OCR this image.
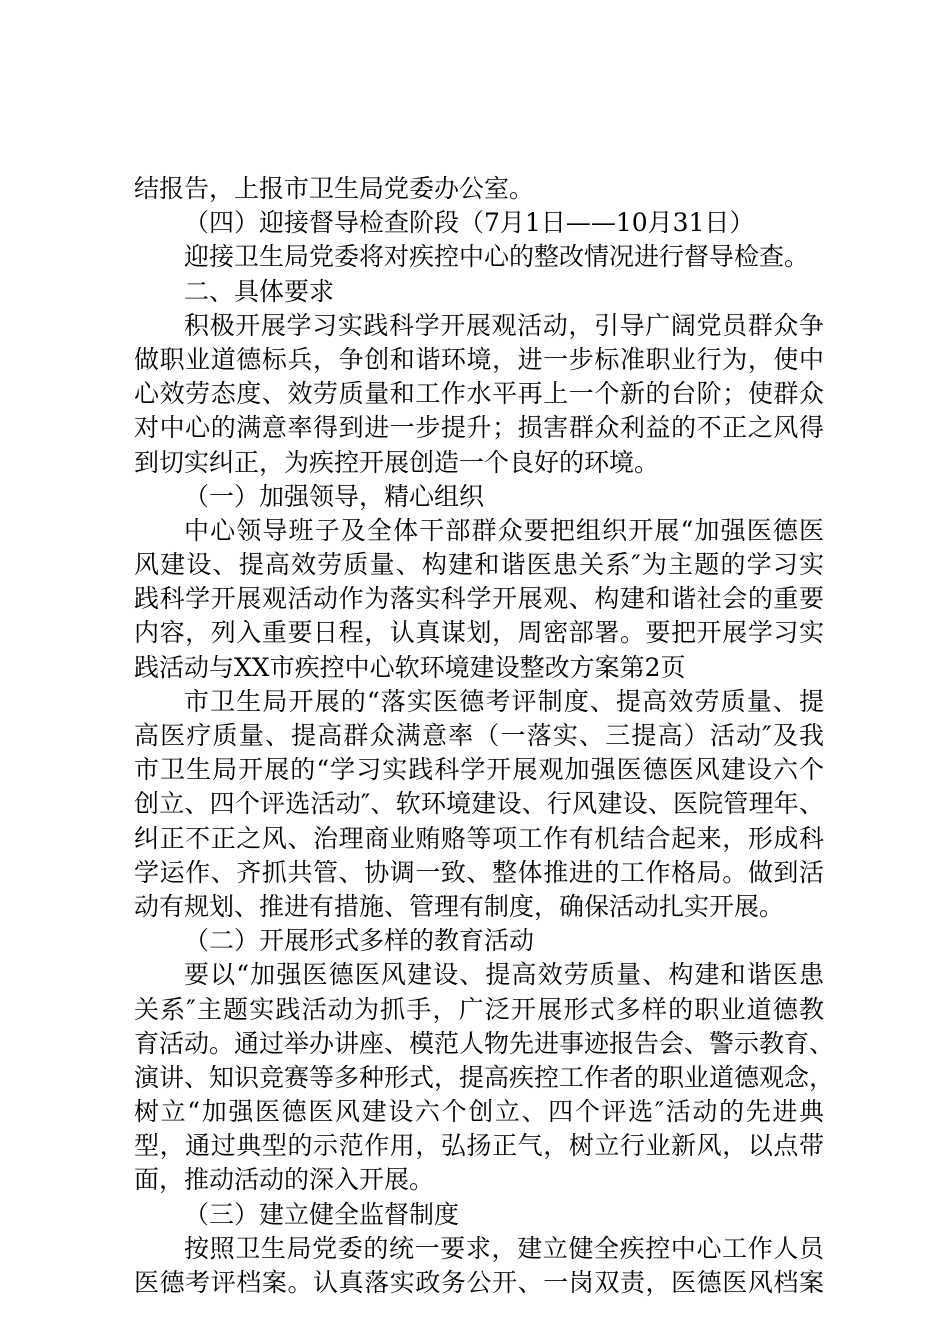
结报告，上报市卫生局党委办公室。
（四）迎接督导检查阶段（7月1日——10月31日）
迎接卫生局党委将对疾控中心的整改情况进行督导检查。
二、具体要求
积极开展学习实践科学开展观活动，引导广阔党员群众争
做职业道德标兵，争创和谐环境，进一步标准职业行为，使中
心效劳态度、效劳质量和工作水平再上一个新的台阶；使群众
对中心的满意率得到进一步提升；损害群众利益的不正之风得
到切实纠正，为疾控开展创造一个良好的环境。
（一）加强领导，精心组织
中心领导班子及全体干部群众要把组织开展“加强医德医
风建设、提高效劳质量、构建和谐医患关系″为主题的学习实
践科学开展观活动作为落实科学开展观、构建和谐社会的重要
内容，列入重要日程，认真谋划，周密部署。要把开展学习实
践活动与XX市疾控中心软环境建设整改方案第2页
市卫生局开展的“落实医德考评制度、提高效劳质量、提
高医疗质量、提高群众满意率（一落实、三提高）活动″及我
市卫生局开展的“学习实践科学开展观加强医德医风建设六个
创立、四个评选活动″、软环境建设、行风建设、医院管理年、
纠正不正之风、治理商业贿赂等项工作有机结合起来，形成科
学运作、齐抓共管、协调一致、整体推进的工作格局。做到活
动有规划、推进有措施、管理有制度，确保活动扎实开展。
（二）开展形式多样的教育活动
要以“加强医德医风建设、提高效劳质量、构建和谐医患
关系″主题实践活动为抓手，广泛开展形式多样的职业道德教
育活动。通过举办讲座、模范人物先进事迹报告会、警示教育、
演讲、知识竞赛等多种形式，提高疾控工作者的职业道德观念，
树立“加强医德医风建设六个创立、四个评选″活动的先进典
型，通过典型的示范作用，弘扬正气，树立行业新风，以点带
面，推动活动的深入开展。
（三）建立健全监督制度
按照卫生局党委的统一要求，建立健全疾控中心工作人员
医德考评档案。认真落实政务公开、一岗双责，医德医风档案
